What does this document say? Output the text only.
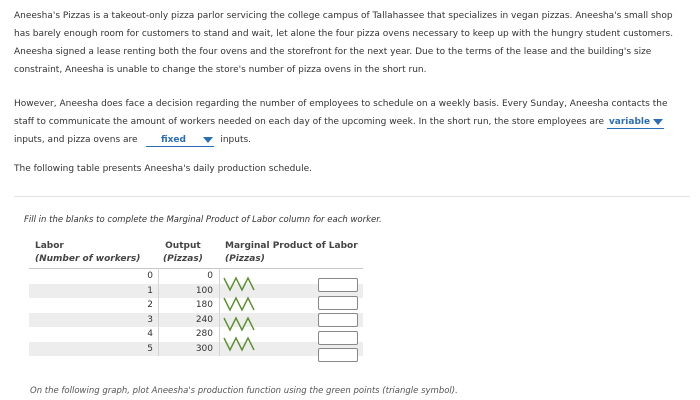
Aneesha's Pizzas is a takeout-only pizza parlor servicing the college campus of Tallahassee that specializes in vegan pizzas. Aneesha's small shop has barely enough room for customers to stand and wait, let alone the four pizza ovens necessary to keep up with the hungry student customers. Aneesha signed a lease renting both the four ovens and the storefront for the next year. Due to the terms of the lease and the building's size constraint, Aneesha is unable to change the store's number of pizza ovens in the short run.
However, Aneesha does face a decision regarding the number of employees to schedule on a weekly basis. Every Sunday, Aneesha contacts the staff to communicate the amount of workers needed on each day of the upcoming week. In the short run, the store employees are variable
inputs, and pizza ovens are	fixed	inputs.
The following table presents Aneesha's daily production schedule.
Fill in the blanks to complete the Marginal Product of Labor column for each worker.
Labor
(Number of workers)
Output
(Pizzas)
Marginal Product of Labor
(Pizzas)
0	0
1	100
2	180
3	240
4	280
5	300
On the following graph, plot Aneesha's production function using the green points (triangle symbol).
